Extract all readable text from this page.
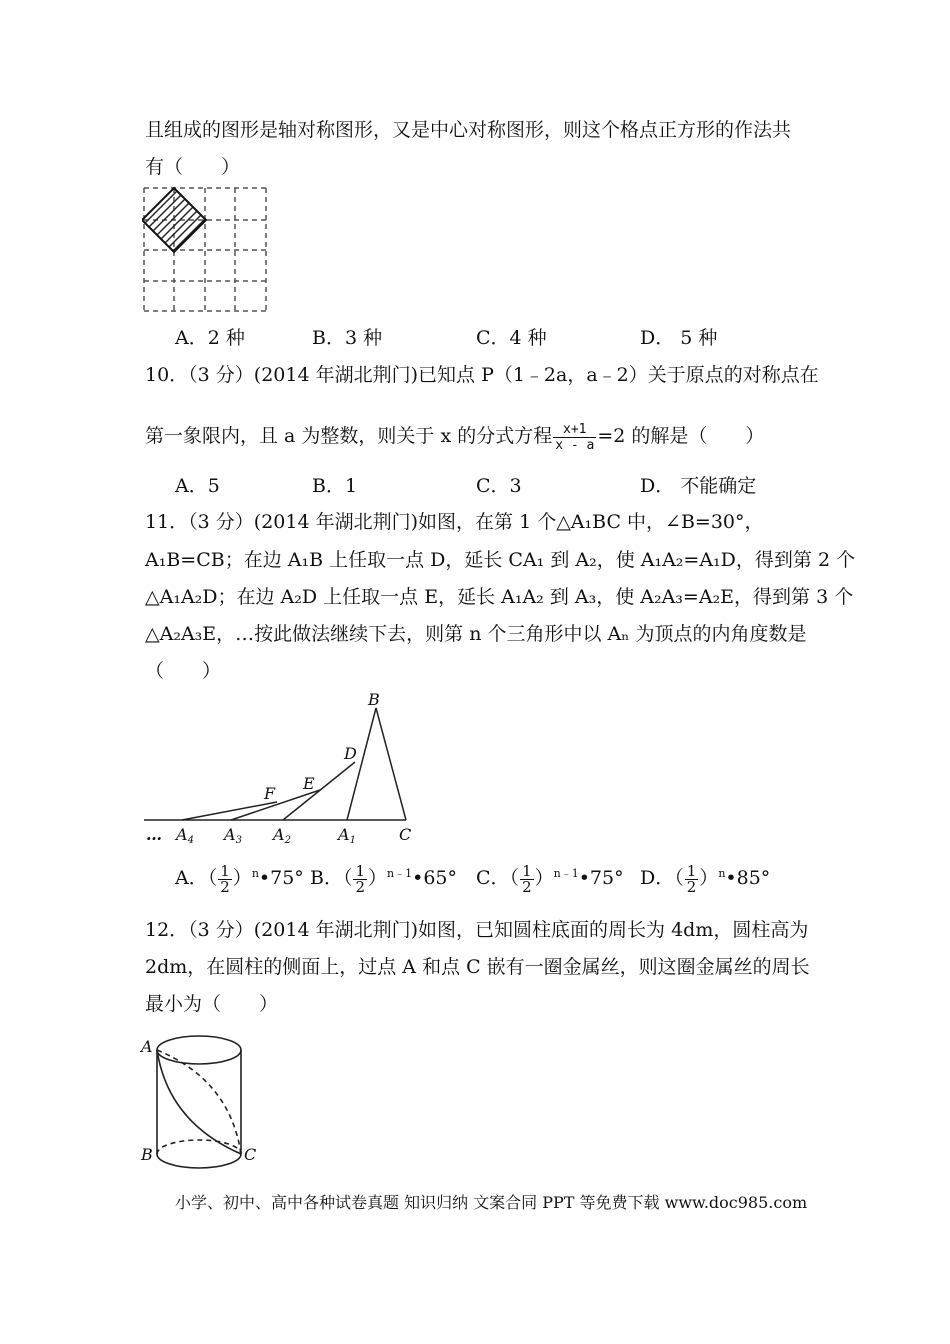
且组成的图形是轴对称图形，又是中心对称图形，则这个格点正方形的作法共
有（　　）
A．2 种	B．3 种	C．4 种	D． 5 种
10．（3 分）(2014 年湖北荆门)已知点 P（1﹣2a，a﹣2）关于原点的对称点在
第一象限内，且 a 为整数，则关于 x 的分式方程 $\frac{x+1}{x - a} =2$ 的解是（　　）
A．5	B．1	C．3	D． 不能确定
11．（3 分）(2014 年湖北荆门)如图，在第 1 个△A₁BC 中，∠B=30°，
A₁B=CB；在边 A₁B 上任取一点 D，延长 CA₁ 到 A₂，使 A₁A₂=A₁D，得到第 2 个
△A₁A₂D；在边 A₂D 上任取一点 E，延长 A₁A₂ 到 A₃，使 A₂A₃=A₂E，得到第 3 个
△A₂A₃E，…按此做法继续下去，则第 n 个三角形中以 Aₙ 为顶点的内角度数是
（　　）
B
D
E
F
… A4 A3 A2	A1	C
A．（ $\frac{1}{2}$ ）$^n$•75° B．（ $\frac{1}{2}$ ）$^{n﹣1}$•65° C．（ $\frac{1}{2}$ ）$^{n﹣1}$•75° D．（ $\frac{1}{2}$ ）$^n$•85°
12．（3 分）(2014 年湖北荆门)如图，已知圆柱底面的周长为 4dm，圆柱高为
2dm，在圆柱的侧面上，过点 A 和点 C 嵌有一圈金属丝，则这圈金属丝的周长
最小为（　　）
A
B	C
小学、初中、高中各种试卷真题 知识归纳 文案合同 PPT 等免费下载 www.doc985.com
